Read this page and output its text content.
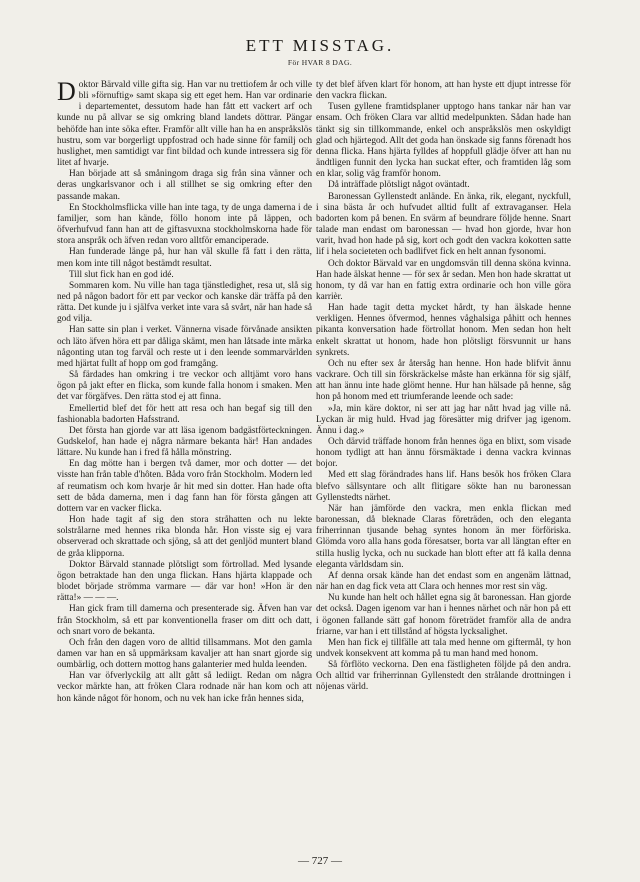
ETT MISSTAG.
För HVAR 8 DAG.

Doktor Bärvald ville gifta sig. Han var nu trettiofem år och ville bli »förnuftig» samt skapa sig ett eget hem. Han var ordinarie i departementet, dessutom hade han fått ett vackert arf och kunde nu på allvar se sig omkring bland landets döttrar. Pängar behöfde han inte söka efter. Framför allt ville han ha en anspråkslös hustru, som var borgerligt uppfostrad och hade sinne för familj och huslighet, men samtidigt var fint bildad och kunde intressera sig för litet af hvarje.

Han började att så småningom draga sig från sina vänner och deras ungkarlsvanor och i all stillhet se sig omkring efter den passande makan.

En Stockholmsflicka ville han inte taga, ty de unga damerna i de familjer, som han kände, föllo honom inte på läppen, och öfverhufvud fann han att de giftasvuxna stockholmskorna hade för stora anspråk och äfven redan voro alltför emanciperade.

Han funderade länge på, hur han väl skulle få fatt i den rätta, men kom inte till något bestämdt resultat.

Till slut fick han en god idé.

Sommaren kom. Nu ville han taga tjänstledighet, resa ut, slå sig ned på någon badort för ett par veckor och kanske där träffa på den rätta. Det kunde ju i själfva verket inte vara så svårt, när han hade så god vilja.

Han satte sin plan i verket. Vännerna visade förvånade ansikten och läto äfven höra ett par dåliga skämt, men han låtsade inte märka någonting utan tog farväl och reste ut i den leende sommarvärlden med hjärtat fullt af hopp om god framgång.

Så färdades han omkring i tre veckor och alltjämt voro hans ögon på jakt efter en flicka, som kunde falla honom i smaken. Men det var förgäfves. Den rätta stod ej att finna.

Emellertid blef det för hett att resa och han begaf sig till den fashionabla badorten Hafsstrand.

Det första han gjorde var att läsa igenom badgästförteckningen. Gudskelof, han hade ej några närmare bekanta här! Han andades lättare. Nu kunde han i fred få hålla mönstring.

En dag mötte han i bergen två damer, mor och dotter — det visste han från table d'hôten. Båda voro från Stockholm. Modern led af reumatism och kom hvarje år hit med sin dotter. Han hade ofta sett de båda damerna, men i dag fann han för första gången att dottern var en vacker flicka.

Hon hade tagit af sig den stora stråhatten och nu lekte solstrålarne med hennes rika blonda hår. Hon visste sig ej vara observerad och skrattade och sjöng, så att det genljöd muntert bland de gråa klipporna.

Doktor Bärvald stannade plötsligt som förtrollad. Med lysande ögon betraktade han den unga flickan. Hans hjärta klappade och blodet började strömma varmare — där var hon! »Hon är den rätta!» — — —.

Han gick fram till damerna och presenterade sig. Äfven han var från Stockholm, så ett par konventionella fraser om ditt och datt, och snart voro de bekanta.

Och från den dagen voro de alltid tillsammans. Mot den gamla damen var han en så uppmärksam kavaljer att han snart gjorde sig oumbärlig, och dottern mottog hans galanterier med hulda leenden.

Han var öfverlyckilg att allt gått så lediigt. Redan om några veckor märkte han, att fröken Clara rodnade när han kom och att hon kände något för honom, och nu vek han icke från hennes sida,

ty det blef äfven klart för honom, att han hyste ett djupt intresse för den vackra flickan.

Tusen gyllene framtidsplaner upptogo hans tankar när han var ensam. Och fröken Clara var alltid medelpunkten. Sådan hade han tänkt sig sin tillkommande, enkel och anspråkslös men oskyldigt glad och hjärtegod. Allt det goda han önskade sig fanns förenadt hos denna flicka. Hans hjärta fylldes af hoppfull glädje öfver att han nu ändtligen funnit den lycka han suckat efter, och framtiden låg som en klar, solig väg framför honom.

Då inträffade plötsligt något oväntadt.

Baronessan Gyllenstedt anlände. En änka, rik, elegant, nyckfull, i sina bästa år och hufvudet alltid fullt af extravaganser. Hela badorten kom på benen. En svärm af beundrare följde henne. Snart talade man endast om baronessan — hvad hon gjorde, hvar hon varit, hvad hon hade på sig, kort och godt den vackra kokotten satte lif i hela societeten och badlifvet fick en helt annan fysonomi.

Och doktor Bärvald var en ungdomsvän till denna sköna kvinna. Han hade älskat henne — för sex år sedan. Men hon hade skrattat ut honom, ty då var han en fattig extra ordinarie och hon ville göra karrièr.

Han hade tagit detta mycket hårdt, ty han älskade henne verkligen. Hennes öfvermod, hennes våghalsiga påhitt och hennes pikanta konversation hade förtrollat honom. Men sedan hon helt enkelt skrattat ut honom, hade hon plötsligt försvunnit ur hans synkrets.

Och nu efter sex år återsåg han henne. Hon hade blifvit ännu vackrare. Och till sin förskräckelse måste han erkänna för sig själf, att han ännu inte hade glömt henne. Hur han hälsade på henne, såg hon på honom med ett triumferande leende och sade:

»Ja, min käre doktor, ni ser att jag har nått hvad jag ville nå. Lyckan är mig huld. Hvad jag föresätter mig drifver jag igenom. Ännu i dag.»

Och därvid träffade honom från hennes öga en blixt, som visade honom tydligt att han ännu försmäktade i denna vackra kvinnas bojor.

Med ett slag förändrades hans lif. Hans besök hos fröken Clara blefvo sällsyntare och allt flitigare sökte han nu baronessan Gyllenstedts närhet.

När han jämförde den vackra, men enkla flickan med baronessan, då bleknade Claras företräden, och den eleganta friherrinnan tjusande behag syntes honom än mer förföriska. Glömda voro alla hans goda föresatser, borta var all längtan efter en stilla huslig lycka, och nu suckade han blott efter att få kalla denna eleganta världsdam sin.

Af denna orsak kände han det endast som en angenäm lättnad, när han en dag fick veta att Clara och hennes mor rest sin väg.

Nu kunde han helt och hållet egna sig åt baronessan. Han gjorde det också. Dagen igenom var han i hennes närhet och när hon på ett i ögonen fallande sätt gaf honom företrädet framför alla de andra friarne, var han i ett tillstånd af högsta lycksalighet.

Men han fick ej tillfälle att tala med henne om giftermål, ty hon undvek konsekvent att komma på tu man hand med honom.

Så förflöto veckorna. Den ena fästligheten följde på den andra. Och alltid var friherrinnan Gyllenstedt den strålande drottningen i nöjenas värld.

— 727 —
